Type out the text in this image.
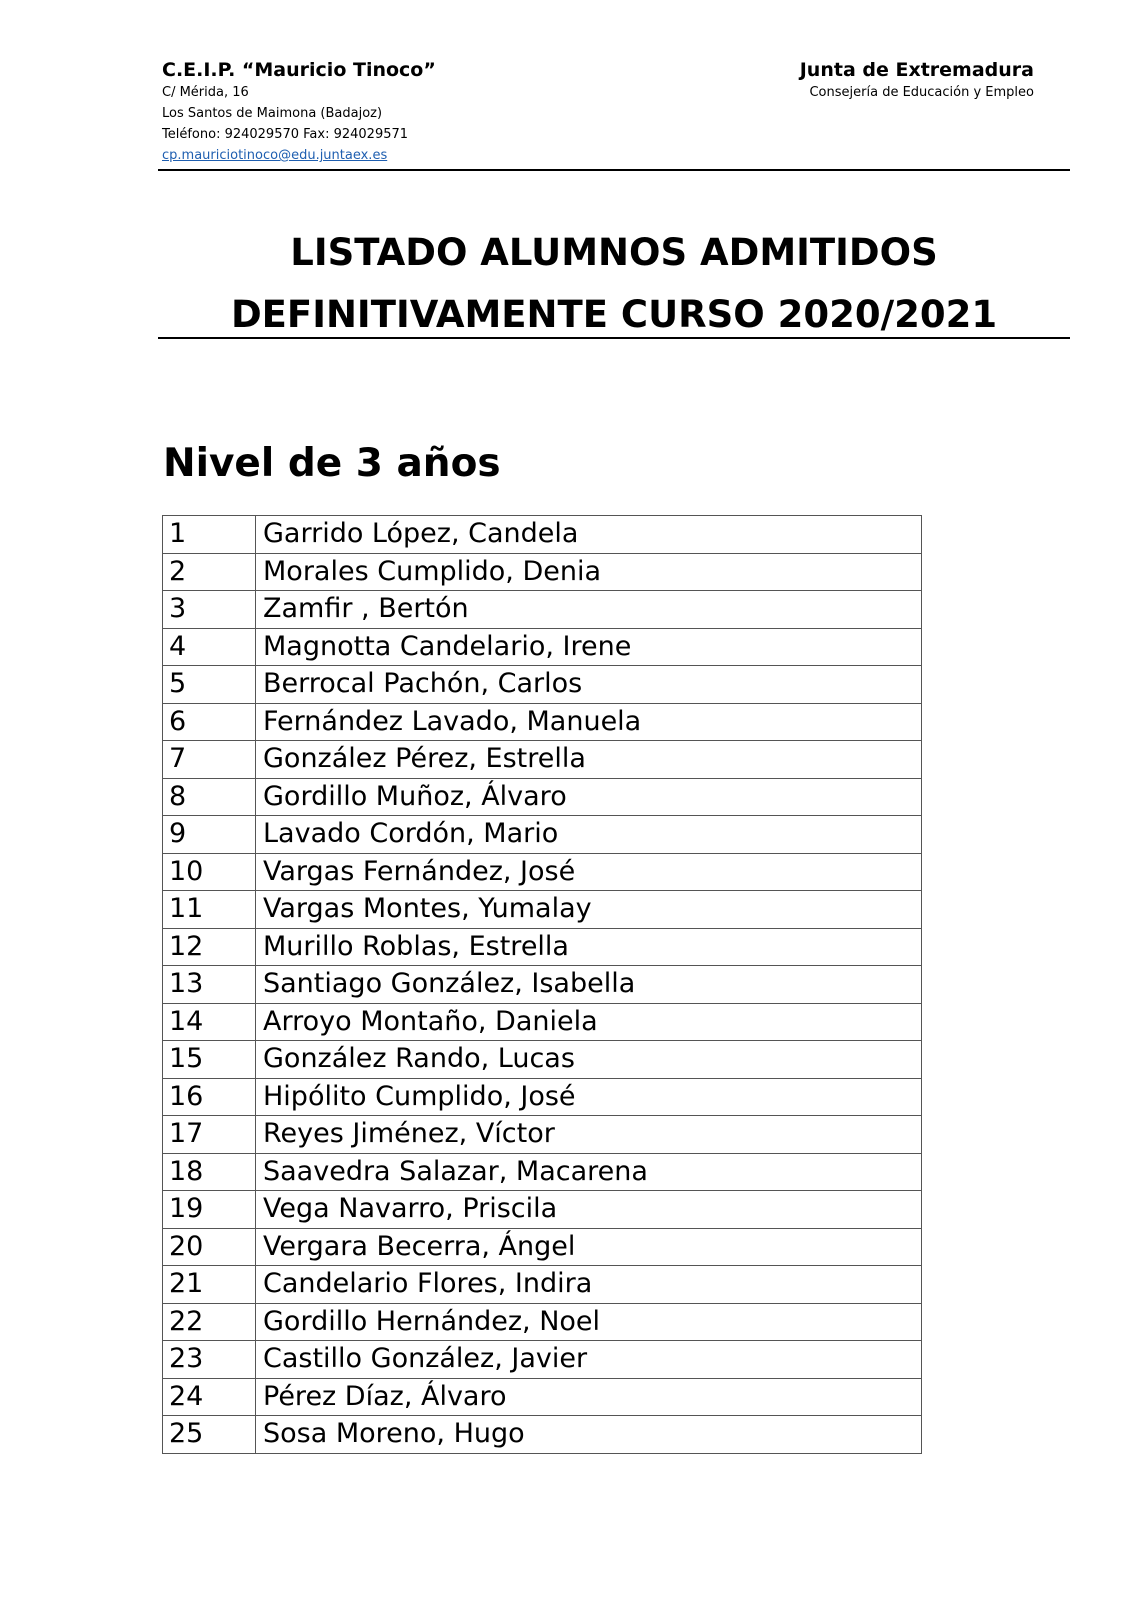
C.E.I.P. “Mauricio Tinoco”
C/ Mérida, 16
Los Santos de Maimona (Badajoz)
Teléfono: 924029570 Fax: 924029571
cp.mauriciotinoco@edu.juntaex.es
Junta de Extremadura
Consejería de Educación y Empleo
LISTADO ALUMNOS ADMITIDOS
DEFINITIVAMENTE CURSO 2020/2021
Nivel de 3 años
1	Garrido López, Candela
2	Morales Cumplido, Denia
3	Zamfir , Bertón
4	Magnotta Candelario, Irene
5	Berrocal Pachón, Carlos
6	Fernández Lavado, Manuela
7	González Pérez, Estrella
8	Gordillo Muñoz, Álvaro
9	Lavado Cordón, Mario
10	Vargas Fernández, José
11	Vargas Montes, Yumalay
12	Murillo Roblas, Estrella
13	Santiago González, Isabella
14	Arroyo Montaño, Daniela
15	González Rando, Lucas
16	Hipólito Cumplido, José
17	Reyes Jiménez, Víctor
18	Saavedra Salazar, Macarena
19	Vega Navarro, Priscila
20	Vergara Becerra, Ángel
21	Candelario Flores, Indira
22	Gordillo Hernández, Noel
23	Castillo González, Javier
24	Pérez Díaz, Álvaro
25	Sosa Moreno, Hugo
